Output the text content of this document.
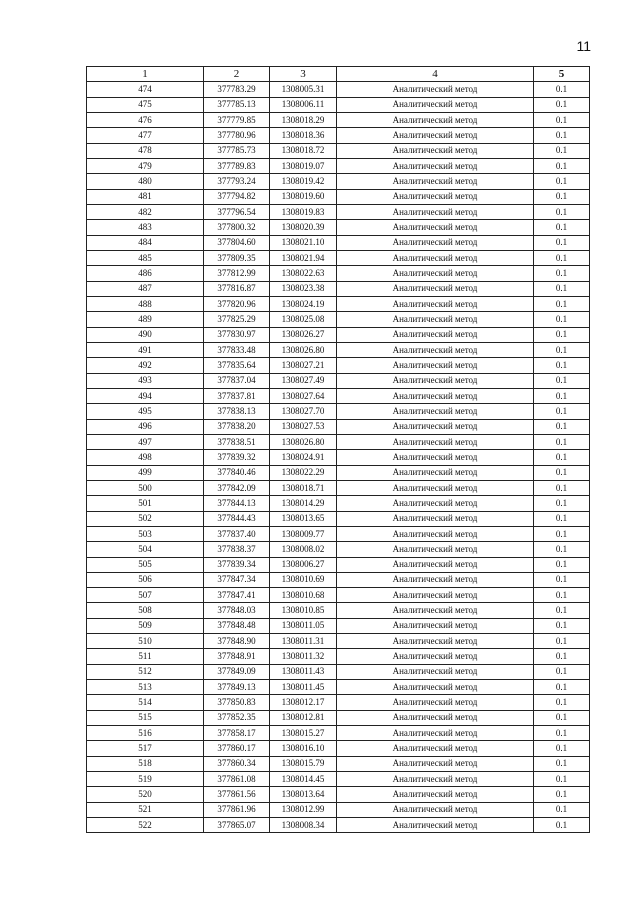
11
1	2	3	4	5
474	377783.29	1308005.31	Аналитический метод	0.1
475	377785.13	1308006.11	Аналитический метод	0.1
476	377779.85	1308018.29	Аналитический метод	0.1
477	377780.96	1308018.36	Аналитический метод	0.1
478	377785.73	1308018.72	Аналитический метод	0.1
479	377789.83	1308019.07	Аналитический метод	0.1
480	377793.24	1308019.42	Аналитический метод	0.1
481	377794.82	1308019.60	Аналитический метод	0.1
482	377796.54	1308019.83	Аналитический метод	0.1
483	377800.32	1308020.39	Аналитический метод	0.1
484	377804.60	1308021.10	Аналитический метод	0.1
485	377809.35	1308021.94	Аналитический метод	0.1
486	377812.99	1308022.63	Аналитический метод	0.1
487	377816.87	1308023.38	Аналитический метод	0.1
488	377820.96	1308024.19	Аналитический метод	0.1
489	377825.29	1308025.08	Аналитический метод	0.1
490	377830.97	1308026.27	Аналитический метод	0.1
491	377833.48	1308026.80	Аналитический метод	0.1
492	377835.64	1308027.21	Аналитический метод	0.1
493	377837.04	1308027.49	Аналитический метод	0.1
494	377837.81	1308027.64	Аналитический метод	0.1
495	377838.13	1308027.70	Аналитический метод	0.1
496	377838.20	1308027.53	Аналитический метод	0.1
497	377838.51	1308026.80	Аналитический метод	0.1
498	377839.32	1308024.91	Аналитический метод	0.1
499	377840.46	1308022.29	Аналитический метод	0.1
500	377842.09	1308018.71	Аналитический метод	0.1
501	377844.13	1308014.29	Аналитический метод	0.1
502	377844.43	1308013.65	Аналитический метод	0.1
503	377837.40	1308009.77	Аналитический метод	0.1
504	377838.37	1308008.02	Аналитический метод	0.1
505	377839.34	1308006.27	Аналитический метод	0.1
506	377847.34	1308010.69	Аналитический метод	0.1
507	377847.41	1308010.68	Аналитический метод	0.1
508	377848.03	1308010.85	Аналитический метод	0.1
509	377848.48	1308011.05	Аналитический метод	0.1
510	377848.90	1308011.31	Аналитический метод	0.1
511	377848.91	1308011.32	Аналитический метод	0.1
512	377849.09	1308011.43	Аналитический метод	0.1
513	377849.13	1308011.45	Аналитический метод	0.1
514	377850.83	1308012.17	Аналитический метод	0.1
515	377852.35	1308012.81	Аналитический метод	0.1
516	377858.17	1308015.27	Аналитический метод	0.1
517	377860.17	1308016.10	Аналитический метод	0.1
518	377860.34	1308015.79	Аналитический метод	0.1
519	377861.08	1308014.45	Аналитический метод	0.1
520	377861.56	1308013.64	Аналитический метод	0.1
521	377861.96	1308012.99	Аналитический метод	0.1
522	377865.07	1308008.34	Аналитический метод	0.1
